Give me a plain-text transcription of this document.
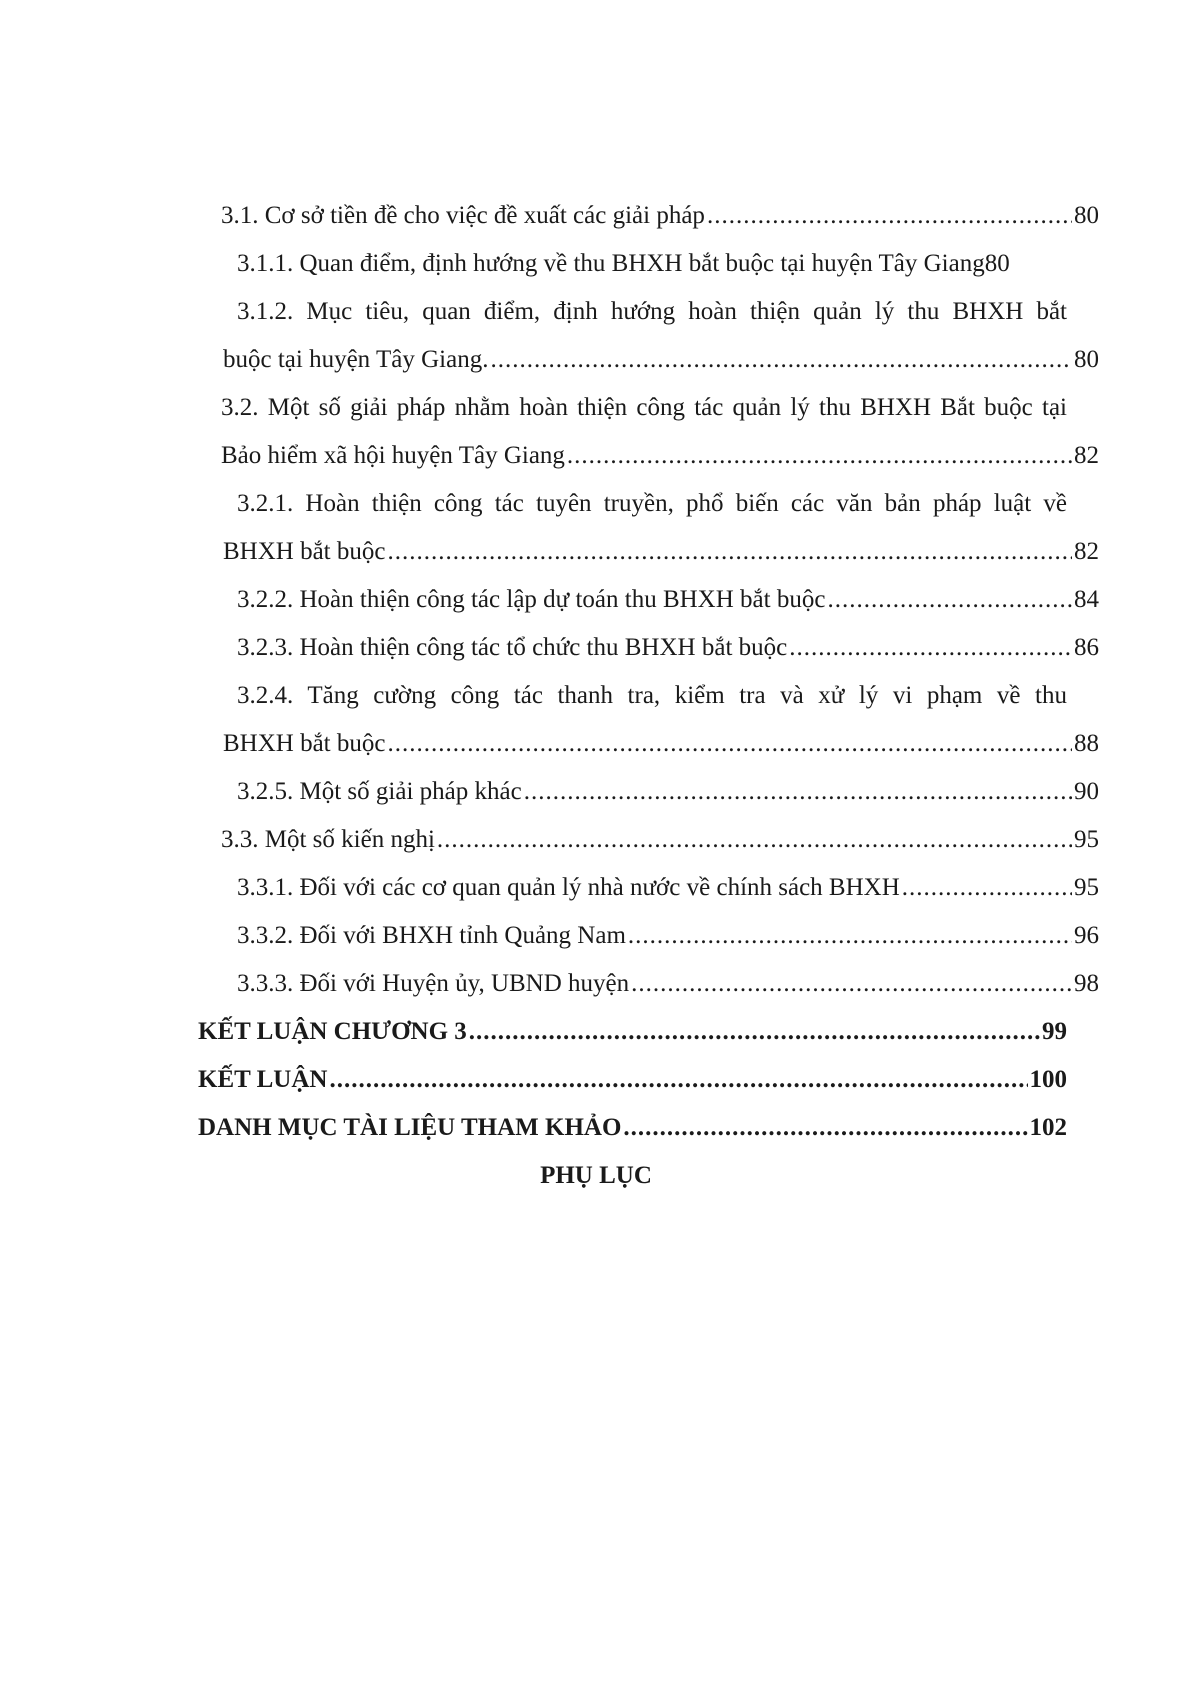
3.1. Cơ sở tiền đề cho việc đề xuất các giải pháp .....	80
3.1.1. Quan điểm, định hướng về thu BHXH bắt buộc tại huyện Tây Giang 80
3.1.2. Mục tiêu, quan điểm, định hướng hoàn thiện quản lý thu BHXH bắt
buộc tại huyện Tây Giang. .....	80
3.2. Một số giải pháp nhằm hoàn thiện công tác quản lý thu BHXH Bắt buộc tại
Bảo hiểm xã hội huyện Tây Giang .....	82
3.2.1. Hoàn thiện công tác tuyên truyền, phổ biến các văn bản pháp luật về
BHXH bắt buộc .....	82
3.2.2. Hoàn thiện công tác lập dự toán thu BHXH bắt buộc .....	84
3.2.3. Hoàn thiện công tác tổ chức thu BHXH bắt buộc .....	86
3.2.4. Tăng cường công tác thanh tra, kiểm tra và xử lý vi phạm về thu
BHXH bắt buộc .....	88
3.2.5. Một số giải pháp khác .....	90
3.3. Một số kiến nghị .....	95
3.3.1. Đối với các cơ quan quản lý nhà nước về chính sách BHXH .....	95
3.3.2. Đối với BHXH tỉnh Quảng Nam .....	96
3.3.3. Đối với Huyện ủy, UBND huyện .....	98
KẾT LUẬN CHƯƠNG 3 .....	99
KẾT LUẬN .....	100
DANH MỤC TÀI LIỆU THAM KHẢO .....	102
PHỤ LỤC
